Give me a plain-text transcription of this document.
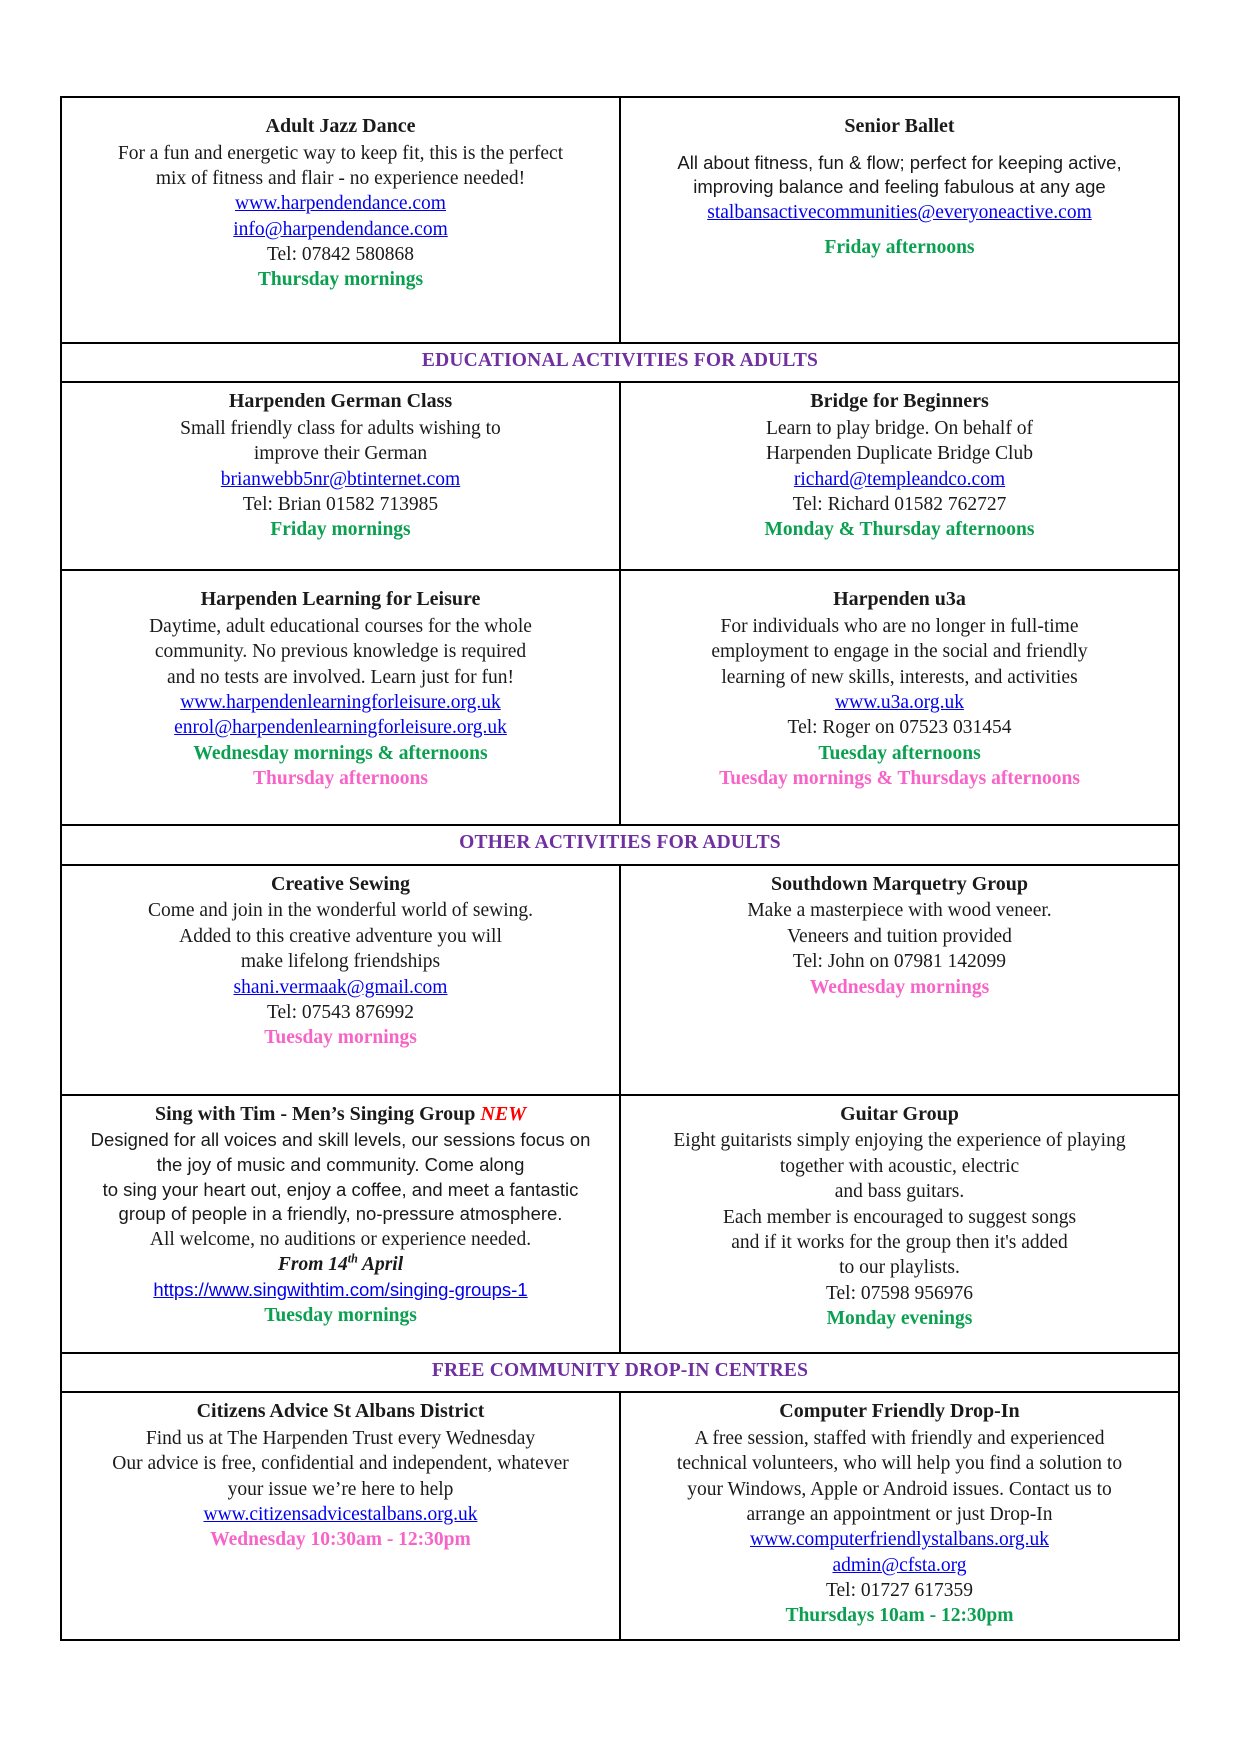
Adult Jazz Dance

For a fun and energetic way to keep fit, this is the perfect

mix of fitness and flair - no experience needed!

www.harpendendance.com
info@harpendendance.com

Tel: 07842 580868

Thursday mornings

Senior Ballet

All about fitness, fun & flow; perfect for keeping active,

improving balance and feeling fabulous at any age

stalbansactivecommunities@everyoneactive.com

Friday afternoons

EDUCATIONAL ACTIVITIES FOR ADULTS	

Harpenden German Class

Small friendly class for adults wishing to

improve their German

brianwebb5nr@btinternet.com

Tel: Brian 01582 713985

Friday mornings

Bridge for Beginners

Learn to play bridge. On behalf of

Harpenden Duplicate Bridge Club

richard@templeandco.com

Tel: Richard 01582 762727

Monday & Thursday afternoons

Harpenden Learning for Leisure

Daytime, adult educational courses for the whole

community. No previous knowledge is required

and no tests are involved. Learn just for fun!

www.harpendenlearningforleisure.org.uk
enrol@harpendenlearningforleisure.org.uk

Wednesday mornings & afternoons

Thursday afternoons

Harpenden u3a

For individuals who are no longer in full-time

employment to engage in the social and friendly

learning of new skills, interests, and activities

www.u3a.org.uk

Tel: Roger on 07523 031454

Tuesday afternoons

Tuesday mornings & Thursdays afternoons

OTHER ACTIVITIES FOR ADULTS	

Creative Sewing

Come and join in the wonderful world of sewing.

Added to this creative adventure you will

make lifelong friendships

shani.vermaak@gmail.com

Tel: 07543 876992

Tuesday mornings

Southdown Marquetry Group

Make a masterpiece with wood veneer.

Veneers and tuition provided

Tel: John on 07981 142099

Wednesday mornings

Sing with Tim - Men’s Singing Group NEW

Designed for all voices and skill levels, our sessions focus on

the joy of music and community. Come along

to sing your heart out, enjoy a coffee, and meet a fantastic

group of people in a friendly, no-pressure atmosphere.

All welcome, no auditions or experience needed.

From 14th April

https://www.singwithtim.com/singing-groups-1

Tuesday mornings

Guitar Group

Eight guitarists simply enjoying the experience of playing

together with acoustic, electric

and bass guitars.

Each member is encouraged to suggest songs

and if it works for the group then it's added

to our playlists.

Tel: 07598 956976

Monday evenings

FREE COMMUNITY DROP-IN CENTRES	

Citizens Advice St Albans District

Find us at The Harpenden Trust every Wednesday

Our advice is free, confidential and independent, whatever

your issue we’re here to help

www.citizensadvicestalbans.org.uk

Wednesday 10:30am - 12:30pm

Computer Friendly Drop-In

A free session, staffed with friendly and experienced

technical volunteers, who will help you find a solution to

your Windows, Apple or Android issues. Contact us to

arrange an appointment or just Drop-In

www.computerfriendlystalbans.org.uk
admin@cfsta.org

Tel: 01727 617359

Thursdays 10am - 12:30pm
